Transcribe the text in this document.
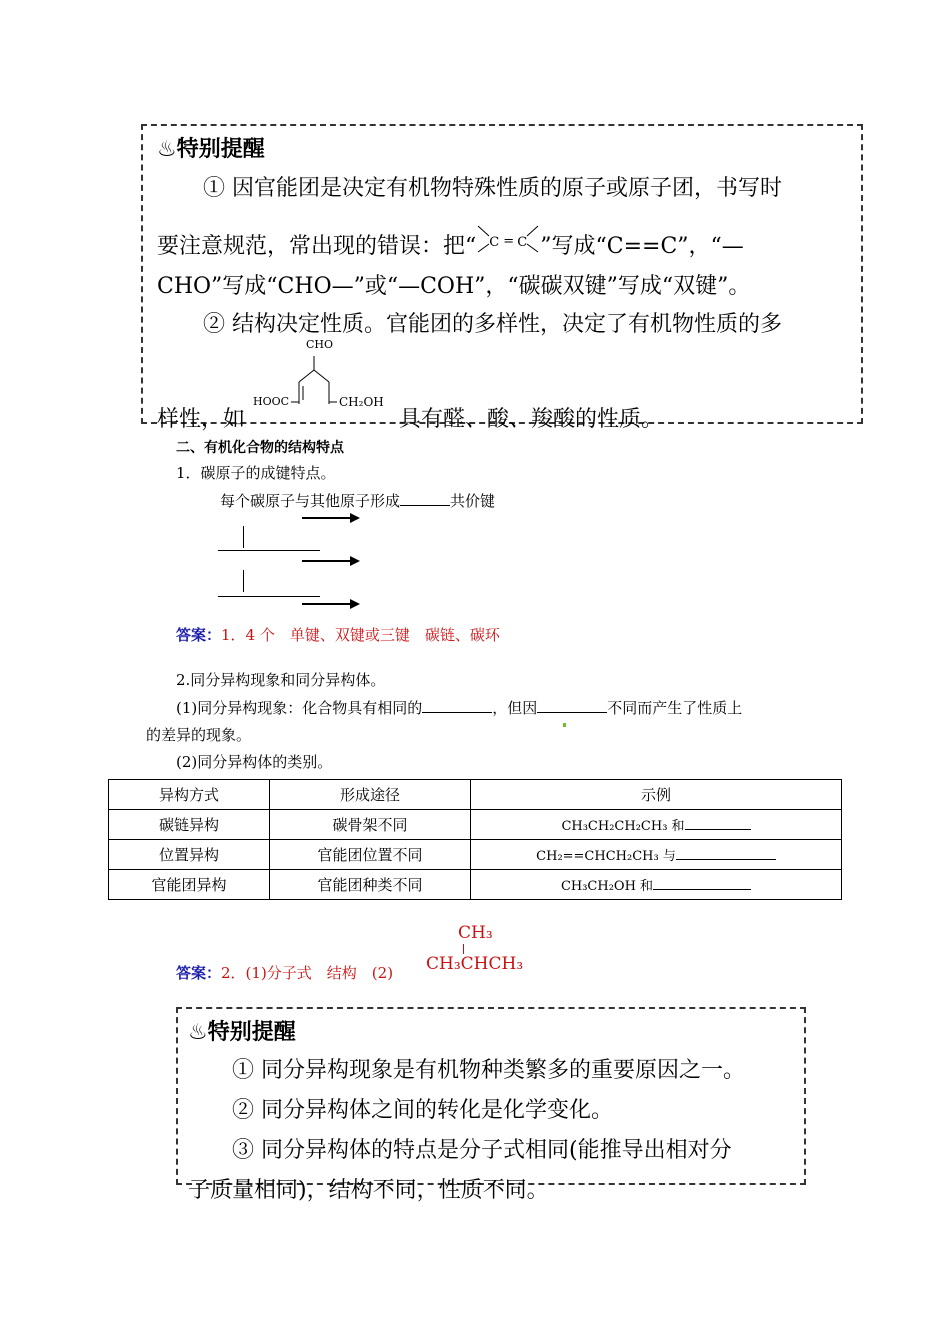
♨特别提醒
① 因官能团是决定有机物特殊性质的原子或原子团，书写时
要注意规范，常出现的错误：把“ C = C ”写成“C==C”，“—
CHO”写成“CHO—”或“—COH”，“碳碳双键”写成“双键”。
② 结构决定性质。官能团的多样性，决定了有机物性质的多
CHO
HOOC	CH₂OH
样性，如	具有醛、酸、羧酸的性质。
二、有机化合物的结构特点
1．碳原子的成键特点。
每个碳原子与其他原子形成	共价键
答案：1．4 个　单键、双键或三键　碳链、碳环
2.同分异构现象和同分异构体。
(1)同分异构现象：化合物具有相同的	，但因	不同而产生了性质上
的差异的现象。
(2)同分异构体的类别。
异构方式	形成途径	示例
碳链异构	碳骨架不同	CH₃CH₂CH₂CH₃ 和
位置异构	官能团位置不同	CH₂==CHCH₂CH₃ 与
官能团异构	官能团种类不同	CH₃CH₂OH 和
答案：2．(1)分子式　结构　(2)
CH₃
CH₃CHCH₃
♨特别提醒
① 同分异构现象是有机物种类繁多的重要原因之一。
② 同分异构体之间的转化是化学变化。
③ 同分异构体的特点是分子式相同(能推导出相对分
子质量相同)，结构不同，性质不同。
